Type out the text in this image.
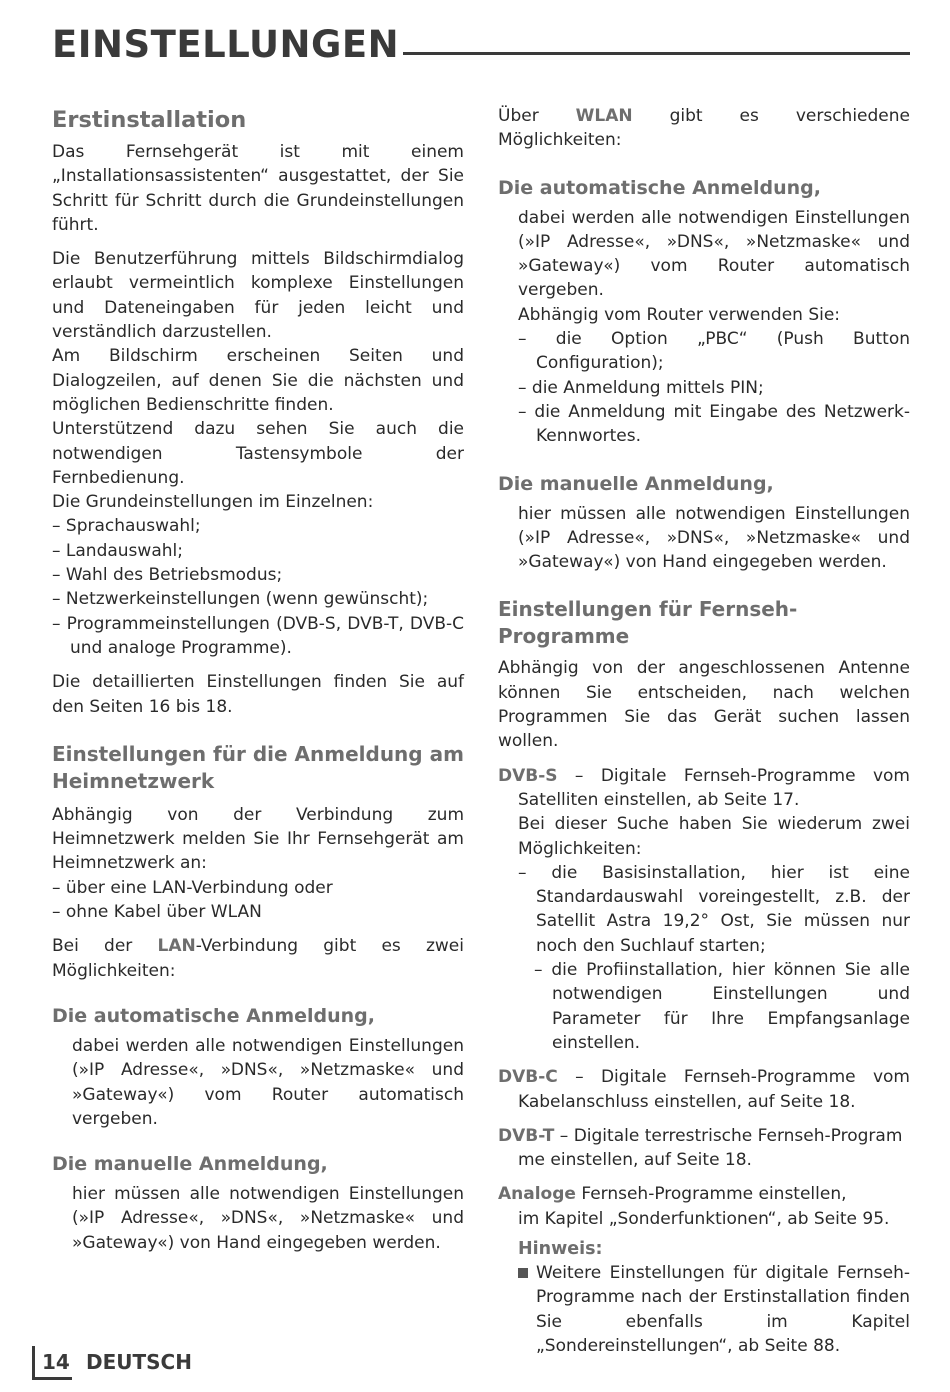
EINSTELLUNGEN
Erstinstallation

Das Fernsehgerät ist mit einem „Installationsassistenten“ ausgestattet, der Sie Schritt für Schritt durch die Grundeinstellungen führt.

Die Benutzerführung mittels Bildschirmdialog erlaubt vermeintlich komplexe Einstellungen und Dateneingaben für jeden leicht und verständlich darzustellen.

Am Bildschirm erscheinen Seiten und Dialogzeilen, auf denen Sie die nächsten und möglichen Bedienschritte finden.

Unterstützend dazu sehen Sie auch die notwendigen Tastensymbole der Fernbedienung.

Die Grundeinstellungen im Einzelnen:

– Sprachauswahl;
– Landauswahl;
– Wahl des Betriebsmodus;
– Netzwerkeinstellungen (wenn gewünscht);
– Programmeinstellungen (DVB-S, DVB-T, DVB-C und analoge Programme).

Die detaillierten Einstellungen finden Sie auf den Seiten 16 bis 18.

Einstellungen für die Anmeldung am Heimnetzwerk

Abhängig von der Verbindung zum Heimnetzwerk melden Sie Ihr Fernsehgerät am Heimnetzwerk an:

– über eine LAN-Verbindung oder
– ohne Kabel über WLAN

Bei der LAN-Verbindung gibt es zwei Möglichkeiten:

Die automatische Anmeldung,

dabei werden alle notwendigen Einstellungen (»IP Adresse«, »DNS«, »Netzmaske« und »Gateway«) vom Router automatisch vergeben.

Die manuelle Anmeldung,

hier müssen alle notwendigen Einstellungen (»IP Adresse«, »DNS«, »Netzmaske« und »Gateway«) von Hand eingegeben werden.

Über WLAN gibt es verschiedene Möglichkeiten:

Die automatische Anmeldung,

dabei werden alle notwendigen Einstellungen (»IP Adresse«, »DNS«, »Netzmaske« und »Gateway«) vom Router automatisch vergeben.

Abhängig vom Router verwenden Sie:

– die Option „PBC“ (Push Button Configuration);
– die Anmeldung mittels PIN;
– die Anmeldung mit Eingabe des Netzwerk-Kennwortes.
Die manuelle Anmeldung,

hier müssen alle notwendigen Einstellungen (»IP Adresse«, »DNS«, »Netzmaske« und »Gateway«) von Hand eingegeben werden.

Einstellungen für Fernseh-Programme

Abhängig von der angeschlossenen Antenne können Sie entscheiden, nach welchen Programmen Sie das Gerät suchen lassen wollen.

DVB-S – Digitale Fernseh-Programme vom Satelliten einstellen, ab Seite 17.

Bei dieser Suche haben Sie wiederum zwei Möglichkeiten:

– die Basisinstallation, hier ist eine Standardauswahl voreingestellt, z.B. der Satellit Astra 19,2° Ost, Sie müssen nur noch den Suchlauf starten;
– die Profiinstallation, hier können Sie alle notwendigen Einstellungen und Parameter für Ihre Empfangsanlage einstellen.

DVB-C – Digitale Fernseh-Programme vom Kabelanschluss einstellen, auf Seite 18.

DVB-T – Digitale terrestrische Fernseh-Program me einstellen, auf Seite 18.

Analoge Fernseh-Programme einstellen,

im Kapitel „Sonderfunktionen“, ab Seite 95.

Hinweis:

Weitere Einstellungen für digitale Fernseh-Programme nach der Erstinstallation finden Sie ebenfalls im Kapitel „Sondereinstellungen“, ab Seite 88.

14 DEUTSCH
